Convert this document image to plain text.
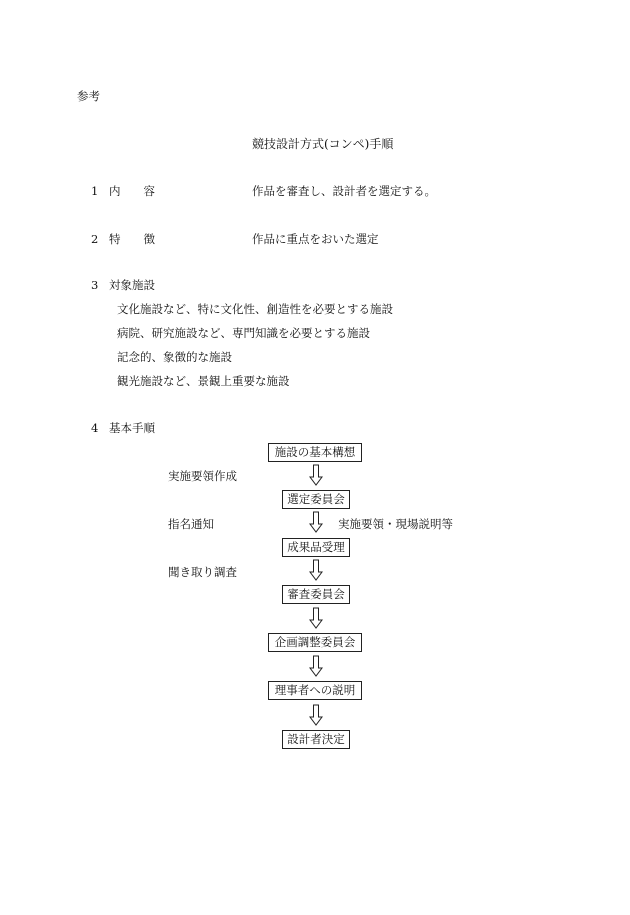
参考
競技設計方式(コンペ)手順
1 内　　容	作品を審査し、設計者を選定する。
2 特　　徴	作品に重点をおいた選定
3 対象施設
文化施設など、特に文化性、創造性を必要とする施設
病院、研究施設など、専門知識を必要とする施設
記念的、象徴的な施設
観光施設など、景観上重要な施設
4 基本手順
施設の基本構想
選定委員会
成果品受理
審査委員会
企画調整委員会
理事者への説明
設計者決定
実施要領作成
指名通知
聞き取り調査
実施要領・現場説明等
